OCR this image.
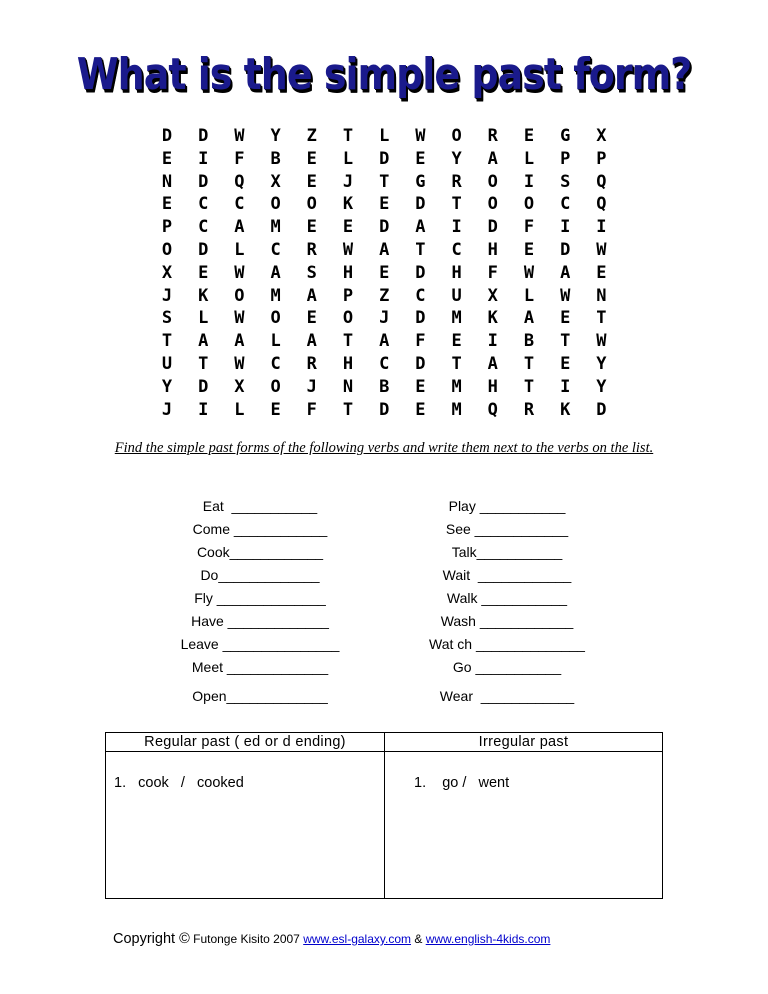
What is the simple past form?
D	D	W	Y	Z	T	L	W	O	R	E	G	X
E	I	F	B	E	L	D	E	Y	A	L	P	P
N	D	Q	X	E	J	T	G	R	O	I	S	Q
E	C	C	O	O	K	E	D	T	O	O	C	Q
P	C	A	M	E	E	D	A	I	D	F	I	I
O	D	L	C	R	W	A	T	C	H	E	D	W
X	E	W	A	S	H	E	D	H	F	W	A	E
J	K	O	M	A	P	Z	C	U	X	L	W	N
S	L	W	O	E	O	J	D	M	K	A	E	T
T	A	A	L	A	T	A	F	E	I	B	T	W
U	T	W	C	R	H	C	D	T	A	T	E	Y
Y	D	X	O	J	N	B	E	M	H	T	I	Y
J	I	L	E	F	T	D	E	M	Q	R	K	D
Find the simple past forms of the following verbs and write them next to the verbs on the list.
Eat  ___________
Come ____________
Cook____________
Do_____________
Fly ______________
Have _____________
Leave _______________
Meet _____________
Open_____________
Play ___________
See ____________
Talk___________
Wait  ____________
Walk ___________
Wash ____________
Wat ch ______________
Go ___________
Wear  ____________
Regular past ( ed or d ending)	Irregular past
1.   cook   /   cooked	1.    go /   went
Copyright © Futonge Kisito 2007 www.esl-galaxy.com & www.english-4kids.com
